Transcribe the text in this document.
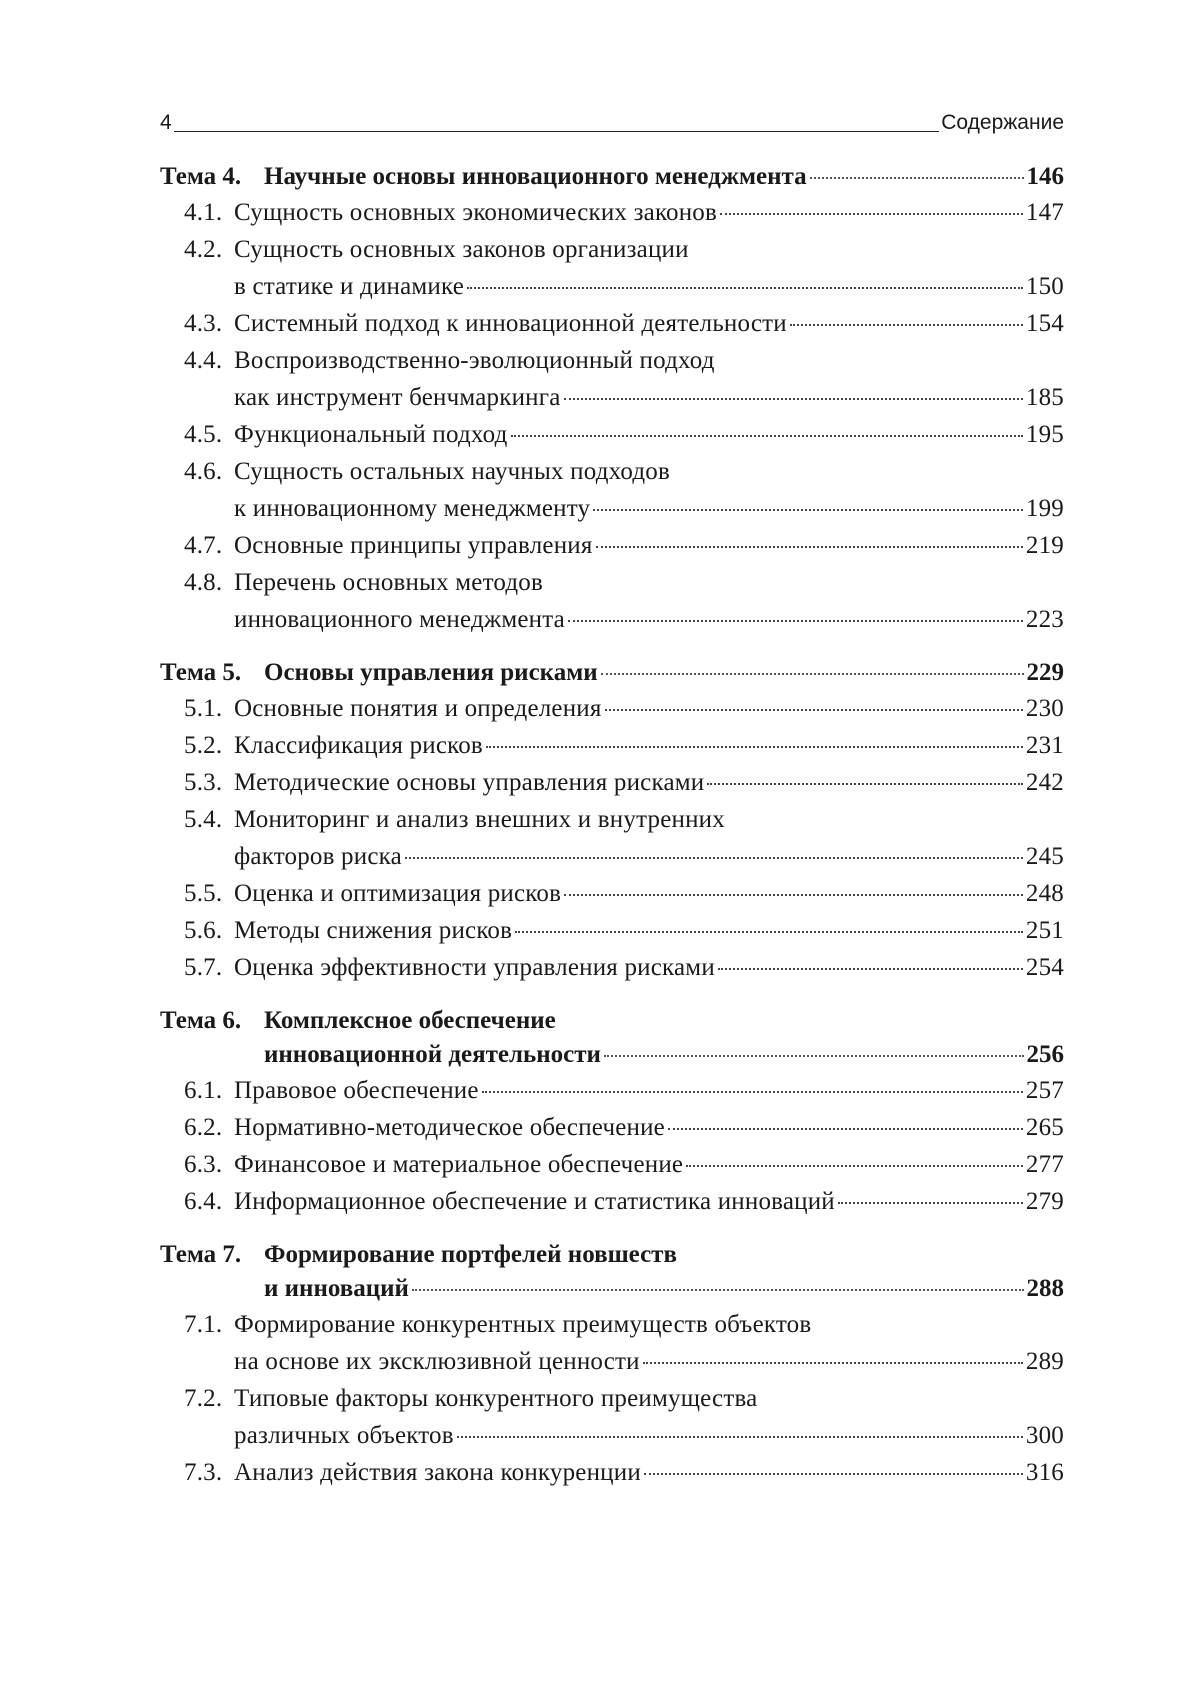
4	Содержание
Тема 4. Научные основы инновационного менеджмента	146
4.1. Сущность основных экономических законов	147
4.2. Сущность основных законов организации
в статике и динамике	150
4.3. Системный подход к инновационной деятельности	154
4.4. Воспроизводственно-эволюционный подход
как инструмент бенчмаркинга	185
4.5. Функциональный подход	195
4.6. Сущность остальных научных подходов
к инновационному менеджменту	199
4.7. Основные принципы управления	219
4.8. Перечень основных методов
инновационного менеджмента	223
Тема 5. Основы управления рисками	229
5.1. Основные понятия и определения	230
5.2. Классификация рисков	231
5.3. Методические основы управления рисками	242
5.4. Мониторинг и анализ внешних и внутренних
факторов риска	245
5.5. Оценка и оптимизация рисков	248
5.6. Методы снижения рисков	251
5.7. Оценка эффективности управления рисками	254
Тема 6. Комплексное обеспечение
инновационной деятельности	256
6.1. Правовое обеспечение	257
6.2. Нормативно-методическое обеспечение	265
6.3. Финансовое и материальное обеспечение	277
6.4. Информационное обеспечение и статистика инноваций	279
Тема 7. Формирование портфелей новшеств
и инноваций	288
7.1. Формирование конкурентных преимуществ объектов
на основе их эксклюзивной ценности	289
7.2. Типовые факторы конкурентного преимущества
различных объектов	300
7.3. Анализ действия закона конкуренции	316
